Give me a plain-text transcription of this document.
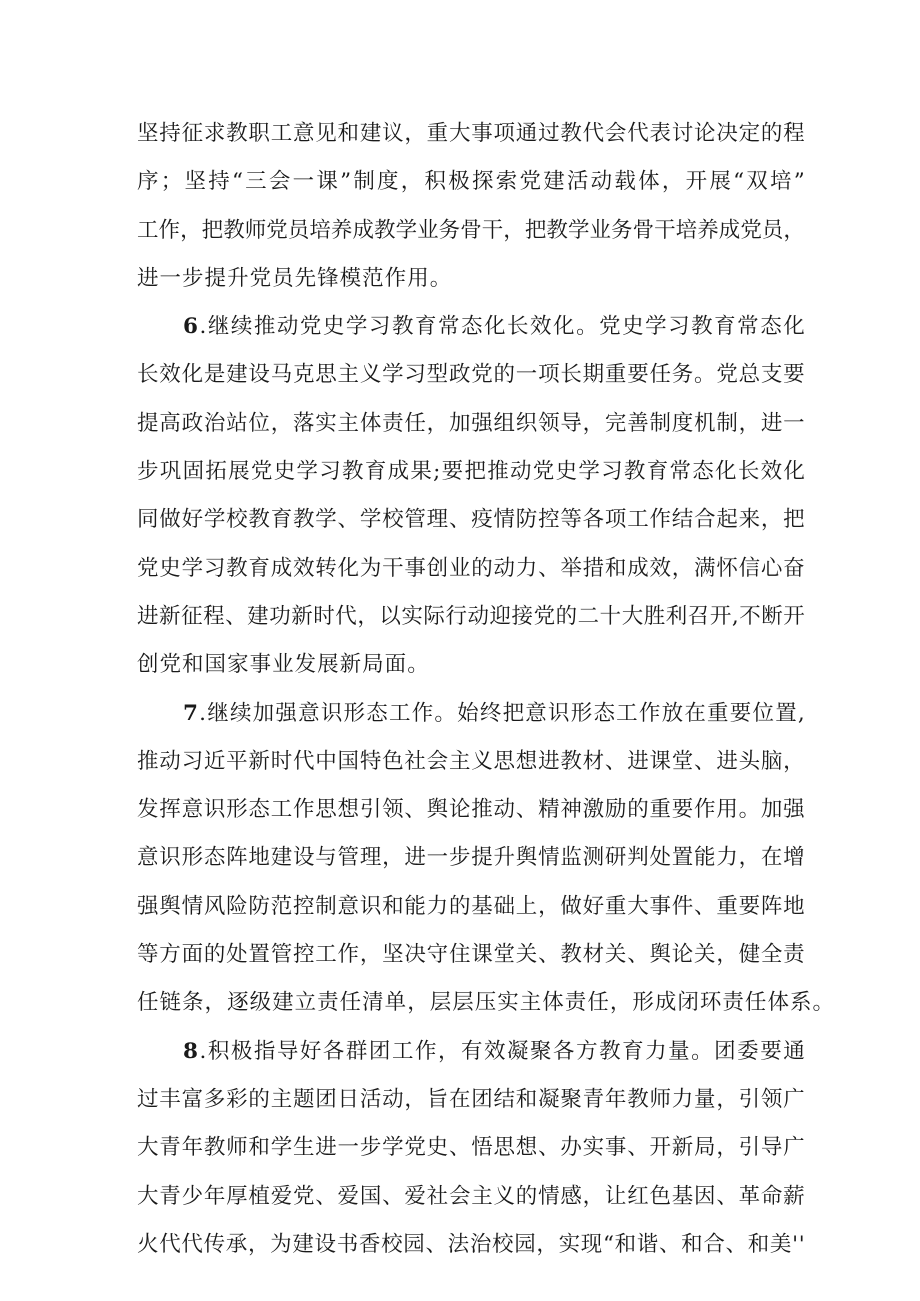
坚 持 征 求 教 职 工 意 见 和 建 议 ， 重 大 事 项 通 过 教 代 会 代 表 讨 论 决 定 的 程
序 ； 坚 持 “ 三 会 一 课 ” 制 度 ， 积 极 探 索 党 建 活 动 载 体 ， 开 展 “ 双 培 ”
工 作 ， 把 教 师 党 员 培 养 成 教 学 业 务 骨 干 ， 把 教 学 业 务 骨 干 培 养 成 党 员 ，
进 一 步 提 升 党 员 先 锋 模 范 作 用 。
6 . 继 续 推 动 党 史 学 习 教 育 常 态 化 长 效 化 。 党 史 学 习 教 育 常 态 化
长 效 化 是 建 设 马 克 思 主 义 学 习 型 政 党 的 一 项 长 期 重 要 任 务 。 党 总 支 要
提 高 政 治 站 位 ， 落 实 主 体 责 任 ， 加 强 组 织 领 导 ， 完 善 制 度 机 制 ， 进 一
步 巩 固 拓 展 党 史 学 习 教 育 成 果 ; 要 把 推 动 党 史 学 习 教 育 常 态 化 长 效 化
同 做 好 学 校 教 育 教 学 、 学 校 管 理 、 疫 情 防 控 等 各 项 工 作 结 合 起 来 ， 把
党 史 学 习 教 育 成 效 转 化 为 干 事 创 业 的 动 力 、 举 措 和 成 效 ， 满 怀 信 心 奋
进 新 征 程 、 建 功 新 时 代 ， 以 实 际 行 动 迎 接 党 的 二 十 大 胜 利 召 开 , 不 断 开
创 党 和 国 家 事 业 发 展 新 局 面 。
7 . 继 续 加 强 意 识 形 态 工 作 。 始 终 把 意 识 形 态 工 作 放 在 重 要 位 置 ,
推 动 习 近 平 新 时 代 中 国 特 色 社 会 主 义 思 想 进 教 材 、 进 课 堂 、 进 头 脑 ，
发 挥 意 识 形 态 工 作 思 想 引 领 、 舆 论 推 动 、 精 神 激 励 的 重 要 作 用 。 加 强
意 识 形 态 阵 地 建 设 与 管 理 ， 进 一 步 提 升 舆 情 监 测 研 判 处 置 能 力 ， 在 增
强 舆 情 风 险 防 范 控 制 意 识 和 能 力 的 基 础 上 ， 做 好 重 大 事 件 、 重 要 阵 地
等 方 面 的 处 置 管 控 工 作 ， 坚 决 守 住 课 堂 关 、 教 材 关 、 舆 论 关 ， 健 全 责
任 链 条 ， 逐 级 建 立 责 任 清 单 ， 层 层 压 实 主 体 责 任 ， 形 成 闭 环 责 任 体 系 。
8 . 积 极 指 导 好 各 群 团 工 作 ， 有 效 凝 聚 各 方 教 育 力 量 。 团 委 要 通
过 丰 富 多 彩 的 主 题 团 日 活 动 ， 旨 在 团 结 和 凝 聚 青 年 教 师 力 量 ， 引 领 广
大 青 年 教 师 和 学 生 进 一 步 学 党 史 、 悟 思 想 、 办 实 事 、 开 新 局 ， 引 导 广
大 青 少 年 厚 植 爱 党 、 爱 国 、 爱 社 会 主 义 的 情 感 ， 让 红 色 基 因 、 革 命 薪
火 代 代 传 承 ， 为 建 设 书 香 校 园 、 法 治 校 园 ， 实 现 “ 和 谐 、 和 合 、 和 美 ' '
